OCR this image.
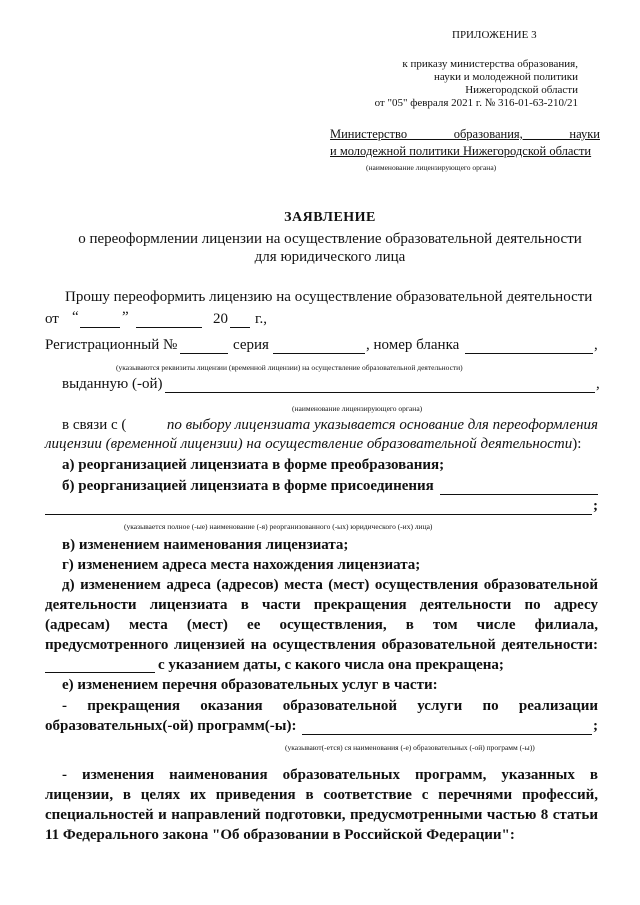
ПРИЛОЖЕНИЕ 3
к приказу министерства образования,
науки и молодежной политики
Нижегородской области
от "05" февраля 2021 г. № 316-01-63-210/21
Министерство образования, науки
и молодежной политики Нижегородской области
(наименование лицензирующего органа)
ЗАЯВЛЕНИЕ
о переоформлении лицензии на осуществление образовательной деятельности
для юридического лица
Прошу переоформить лицензию на осуществление образовательной деятельности
от “	”	20 г.,
Регистрационный №	серия	, номер бланка	,
(указываются реквизиты лицензии (временной лицензии) на осуществление образовательной деятельности)
выданную (-ой)	,
(наименование лицензирующего органа)
в связи с (	по выбору лицензиата указывается основание для переоформления
лицензии (временной лицензии) на осуществление образовательной деятельности):
а) реорганизацией лицензиата в форме преобразования;
б) реорганизацией лицензиата в форме присоединения
;
(указывается полное (-ые) наименование (-я) реорганизованного (-ых) юридического (-их) лица)
в) изменением наименования лицензиата;
г) изменением адреса места нахождения лицензиата;
д) изменением адреса (адресов) места (мест) осуществления образовательной
деятельности лицензиата в части прекращения деятельности по адресу
(адресам) места (мест) ее осуществления, в том числе филиала,
предусмотренного лицензией на осуществления образовательной деятельности:
с указанием даты, с какого числа она прекращена;
е) изменением перечня образовательных услуг в части:
- прекращения оказания образовательной услуги по реализации
образовательных(-ой) программ(-ы):	;
(указывают(-ется) ся наименования (-е) образовательных (-ой) программ (-ы))
- изменения наименования образовательных программ, указанных в
лицензии, в целях их приведения в соответствие с перечнями профессий,
специальностей и направлений подготовки, предусмотренными частью 8 статьи
11 Федерального закона "Об образовании в Российской Федерации":
